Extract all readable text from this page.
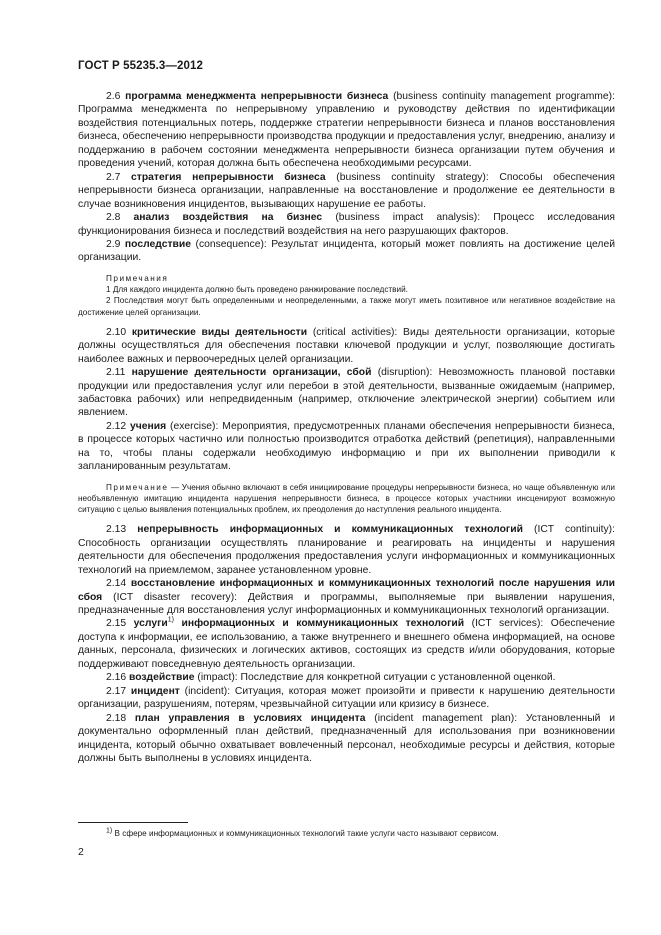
ГОСТ Р 55235.3—2012

2.6 программа менеджмента непрерывности бизнеса (business continuity management programme): Программа менеджмента по непрерывному управлению и руководству действия по идентификации воздействия потенциальных потерь, поддержке стратегии непрерывности бизнеса и планов восстановления бизнеса, обеспечению непрерывности производства продукции и предоставления услуг, внедрению, анализу и поддержанию в рабочем состоянии менеджмента непрерывности бизнеса организации путем обучения и проведения учений, которая должна быть обеспечена необходимыми ресурсами.

2.7 стратегия непрерывности бизнеса (business continuity strategy): Способы обеспечения непрерывности бизнеса организации, направленные на восстановление и продолжение ее деятельности в случае возникновения инцидентов, вызывающих нарушение ее работы.

2.8 анализ воздействия на бизнес (business impact analysis): Процесс исследования функционирования бизнеса и последствий воздействия на него разрушающих факторов.

2.9 последствие (consequence): Результат инцидента, который может повлиять на достижение целей организации.

Примечания

1 Для каждого инцидента должно быть проведено ранжирование последствий.

2 Последствия могут быть определенными и неопределенными, а также могут иметь позитивное или негативное воздействие на достижение целей организации.

2.10 критические виды деятельности (critical activities): Виды деятельности организации, которые должны осуществляться для обеспечения поставки ключевой продукции и услуг, позволяющие достигать наиболее важных и первоочередных целей организации.

2.11 нарушение деятельности организации, сбой (disruption): Невозможность плановой поставки продукции или предоставления услуг или перебои в этой деятельности, вызванные ожидаемым (например, забастовка рабочих) или непредвиденным (например, отключение электрической энергии) событием или явлением.

2.12 учения (exercise): Мероприятия, предусмотренных планами обеспечения непрерывности бизнеса, в процессе которых частично или полностью производится отработка действий (репетиция), направленными на то, чтобы планы содержали необходимую информацию и при их выполнении приводили к запланированным результатам.

Примечание — Учения обычно включают в себя инициирование процедуры непрерывности бизнеса, но чаще объявленную или необъявленную имитацию инцидента нарушения непрерывности бизнеса, в процессе которых участники инсценируют возможную ситуацию с целью выявления потенциальных проблем, их преодоления до наступления реального инцидента.

2.13 непрерывность информационных и коммуникационных технологий (ICT continuity): Способность организации осуществлять планирование и реагировать на инциденты и нарушения деятельности для обеспечения продолжения предоставления услуги информационных и коммуникационных технологий на приемлемом, заранее установленном уровне.

2.14 восстановление информационных и коммуникационных технологий после нарушения или сбоя (ICT disaster recovery): Действия и программы, выполняемые при выявлении нарушения, предназначенные для восстановления услуг информационных и коммуникационных технологий организации.

2.15 услуги$^{1)}$ информационных и коммуникационных технологий (ICT services): Обеспечение доступа к информации, ее использованию, а также внутреннего и внешнего обмена информацией, на основе данных, персонала, физических и логических активов, состоящих из средств и/или оборудования, которые поддерживают повседневную деятельность организации.

2.16 воздействие (impact): Последствие для конкретной ситуации с установленной оценкой.

2.17 инцидент (incident): Ситуация, которая может произойти и привести к нарушению деятельности организации, разрушениям, потерям, чрезвычайной ситуации или кризису в бизнесе.

2.18 план управления в условиях инцидента (incident management plan): Установленный и документально оформленный план действий, предназначенный для использования при возникновении инцидента, который обычно охватывает вовлеченный персонал, необходимые ресурсы и действия, которые должны быть выполнены в условиях инцидента.

$^{1)}$ В сфере информационных и коммуникационных технологий такие услуги часто называют сервисом.
2
